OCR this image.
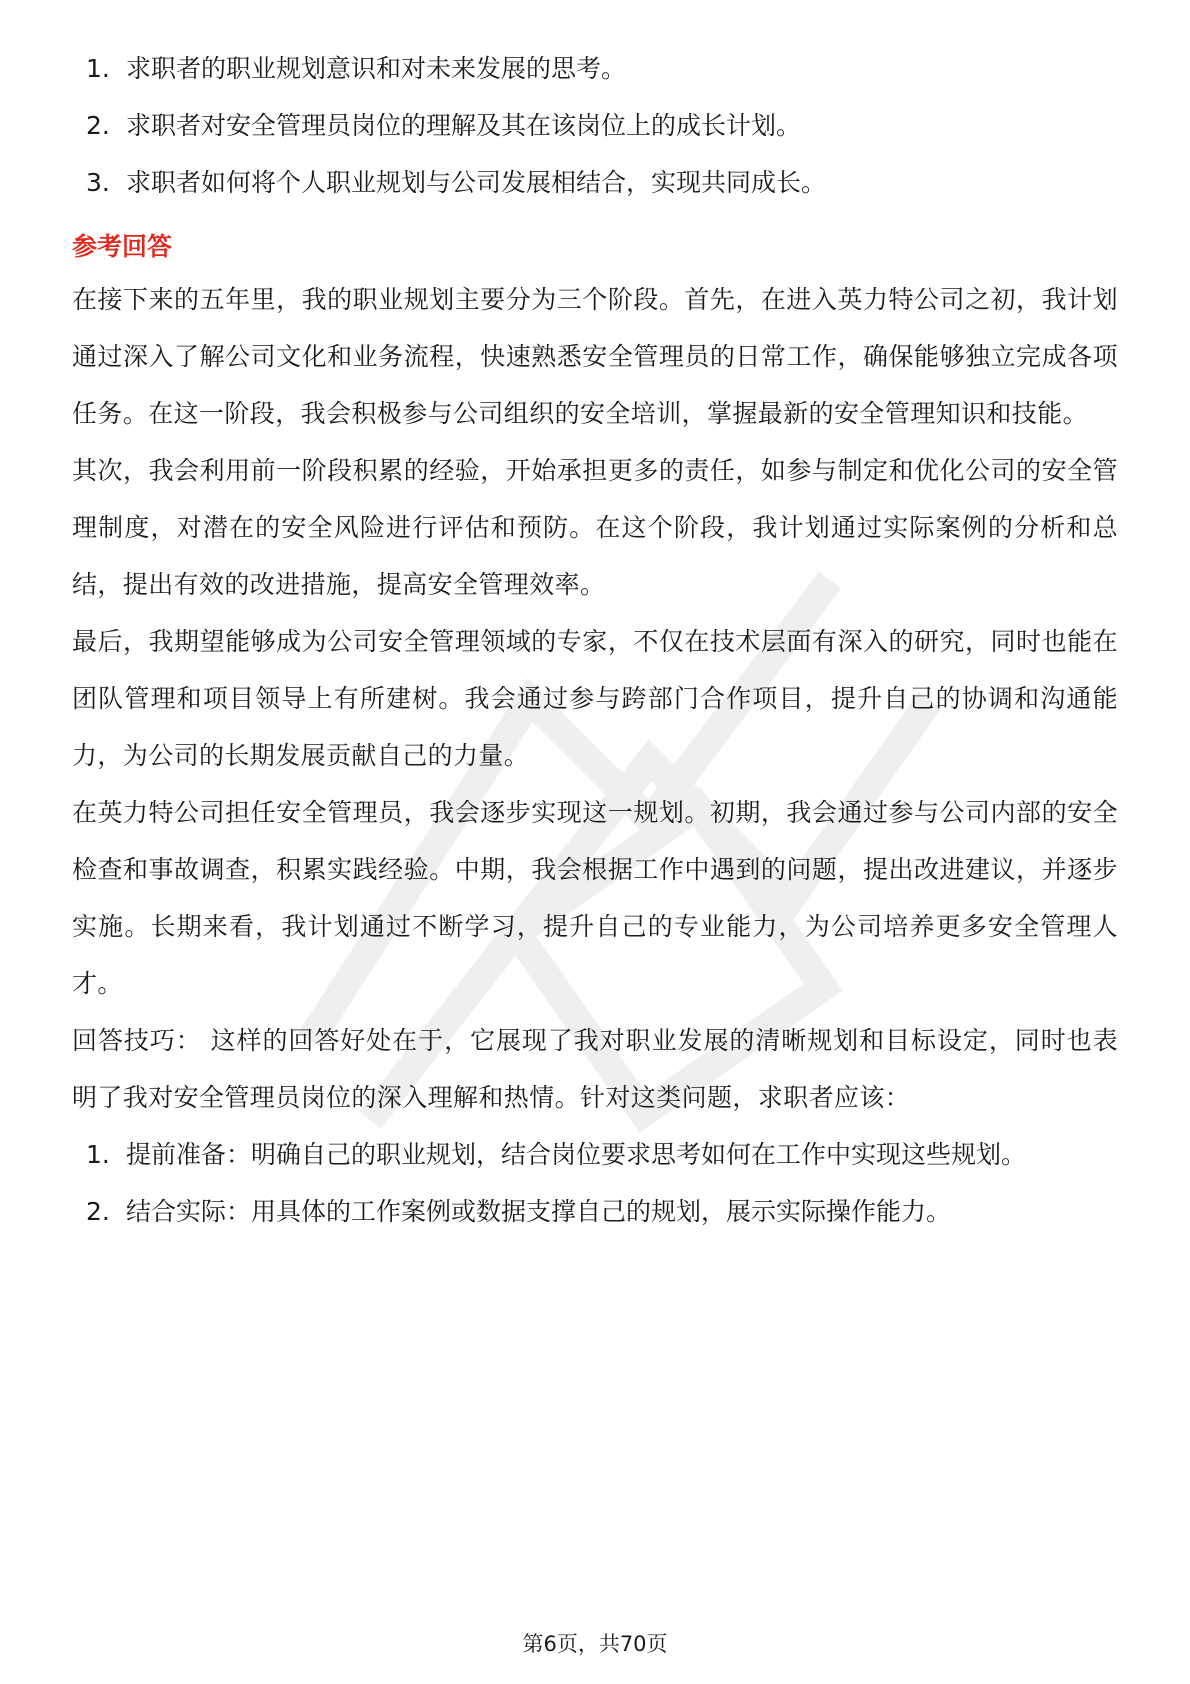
1. 求职者的职业规划意识和对未来发展的思考。
2. 求职者对安全管理员岗位的理解及其在该岗位上的成长计划。
3. 求职者如何将个人职业规划与公司发展相结合，实现共同成长。
参考回答

在接下来的五年里，我的职业规划主要分为三个阶段。首先，在进入英力特公司之初，我计划通过深入了解公司文化和业务流程，快速熟悉安全管理员的日常工作，确保能够独立完成各项任务。在这一阶段，我会积极参与公司组织的安全培训，掌握最新的安全管理知识和技能。

其次，我会利用前一阶段积累的经验，开始承担更多的责任，如参与制定和优化公司的安全管理制度，对潜在的安全风险进行评估和预防。在这个阶段，我计划通过实际案例的分析和总结，提出有效的改进措施，提高安全管理效率。

最后，我期望能够成为公司安全管理领域的专家，不仅在技术层面有深入的研究，同时也能在团队管理和项目领导上有所建树。我会通过参与跨部门合作项目，提升自己的协调和沟通能力，为公司的长期发展贡献自己的力量。

在英力特公司担任安全管理员，我会逐步实现这一规划。初期，我会通过参与公司内部的安全检查和事故调查，积累实践经验。中期，我会根据工作中遇到的问题，提出改进建议，并逐步实施。长期来看，我计划通过不断学习，提升自己的专业能力，为公司培养更多安全管理人才。

回答技巧： 这样的回答好处在于，它展现了我对职业发展的清晰规划和目标设定，同时也表明了我对安全管理员岗位的深入理解和热情。针对这类问题，求职者应该：

1. 提前准备：明确自己的职业规划，结合岗位要求思考如何在工作中实现这些规划。
2. 结合实际：用具体的工作案例或数据支撑自己的规划，展示实际操作能力。
第6页，共70页
